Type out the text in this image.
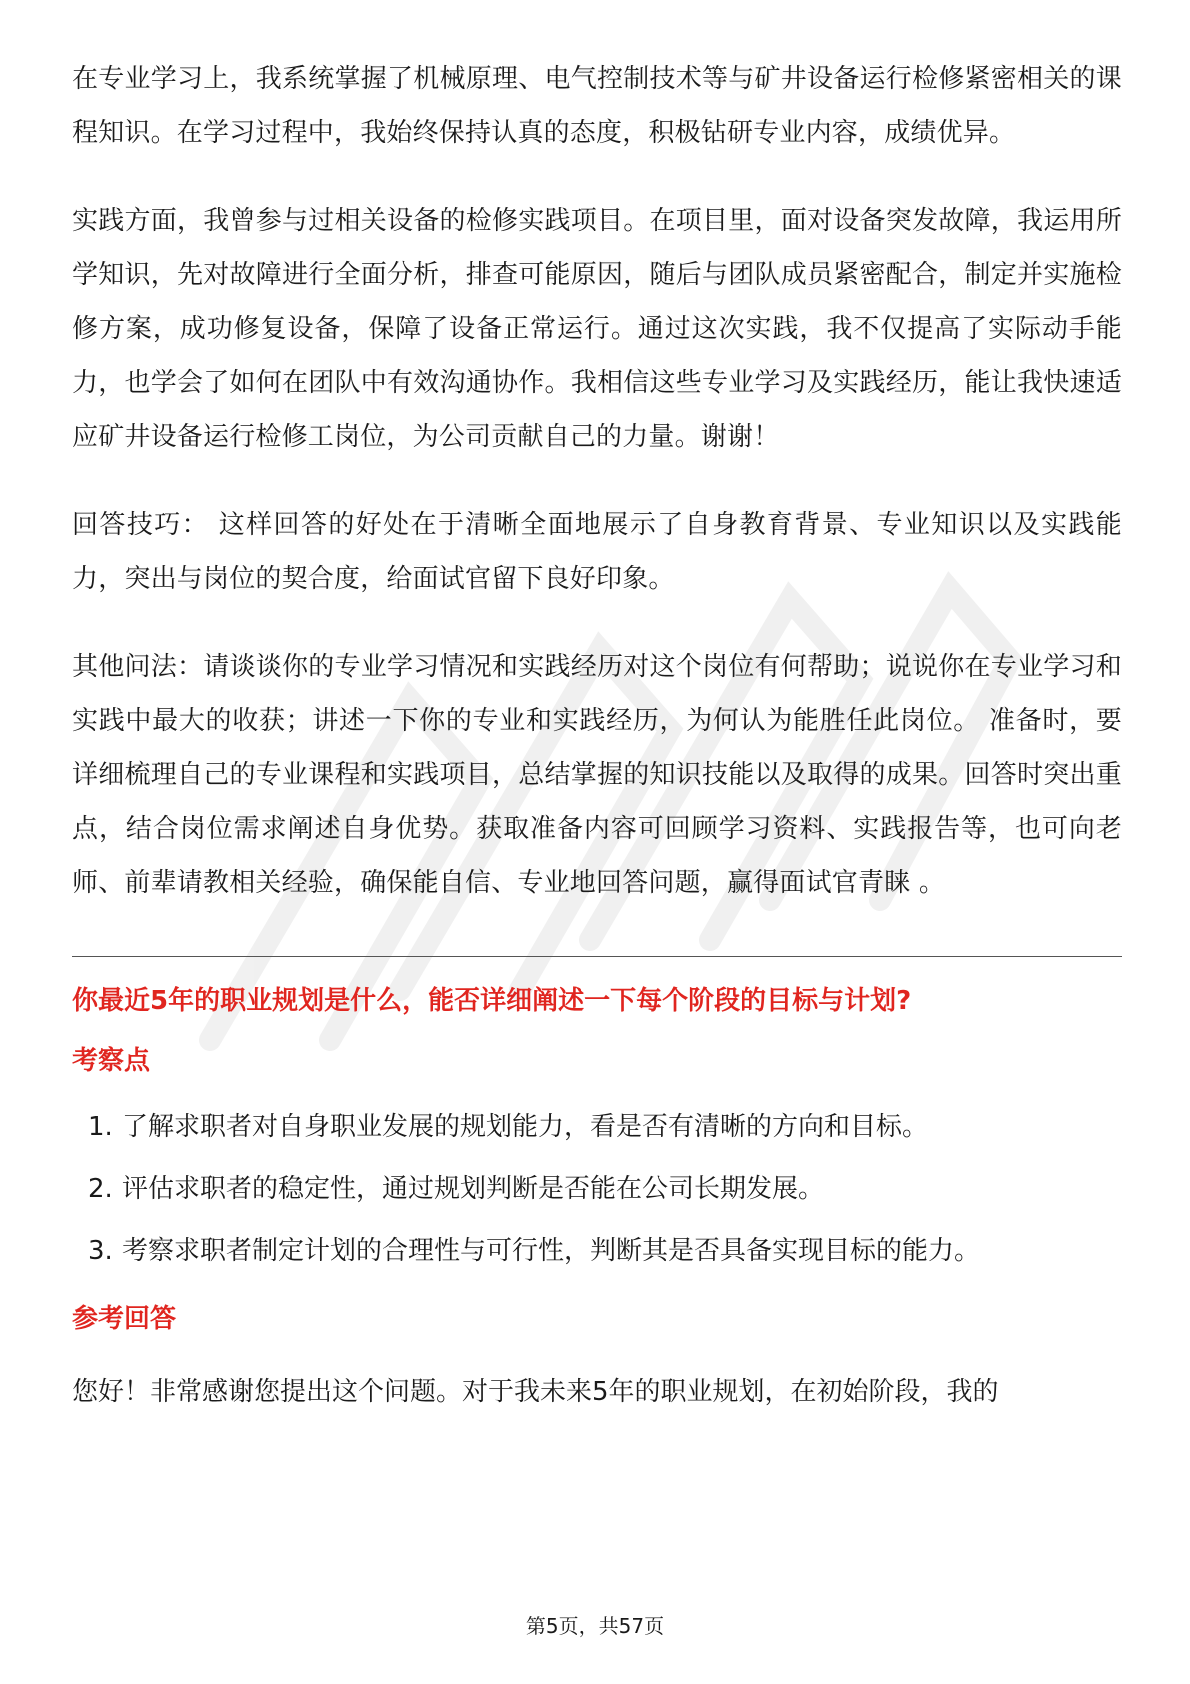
在专业学习上，我系统掌握了机械原理、电气控制技术等与矿井设备运行检修紧密相关的课程知识。在学习过程中，我始终保持认真的态度，积极钻研专业内容，成绩优异。

实践方面，我曾参与过相关设备的检修实践项目。在项目里，面对设备突发故障，我运用所学知识，先对故障进行全面分析，排查可能原因，随后与团队成员紧密配合，制定并实施检修方案，成功修复设备，保障了设备正常运行。通过这次实践，我不仅提高了实际动手能力，也学会了如何在团队中有效沟通协作。我相信这些专业学习及实践经历，能让我快速适应矿井设备运行检修工岗位，为公司贡献自己的力量。谢谢！

回答技巧： 这样回答的好处在于清晰全面地展示了自身教育背景、专业知识以及实践能力，突出与岗位的契合度，给面试官留下良好印象。

其他问法：请谈谈你的专业学习情况和实践经历对这个岗位有何帮助；说说你在专业学习和实践中最大的收获；讲述一下你的专业和实践经历，为何认为能胜任此岗位。 准备时，要详细梳理自己的专业课程和实践项目，总结掌握的知识技能以及取得的成果。回答时突出重点，结合岗位需求阐述自身优势。获取准备内容可回顾学习资料、实践报告等，也可向老师、前辈请教相关经验，确保能自信、专业地回答问题，赢得面试官青睐 。

你最近5年的职业规划是什么，能否详细阐述一下每个阶段的目标与计划?
考察点
1. 了解求职者对自身职业发展的规划能力，看是否有清晰的方向和目标。
2. 评估求职者的稳定性，通过规划判断是否能在公司长期发展。
3. 考察求职者制定计划的合理性与可行性，判断其是否具备实现目标的能力。
参考回答

您好！非常感谢您提出这个问题。对于我未来5年的职业规划，在初始阶段，我的

第5页，共57页
